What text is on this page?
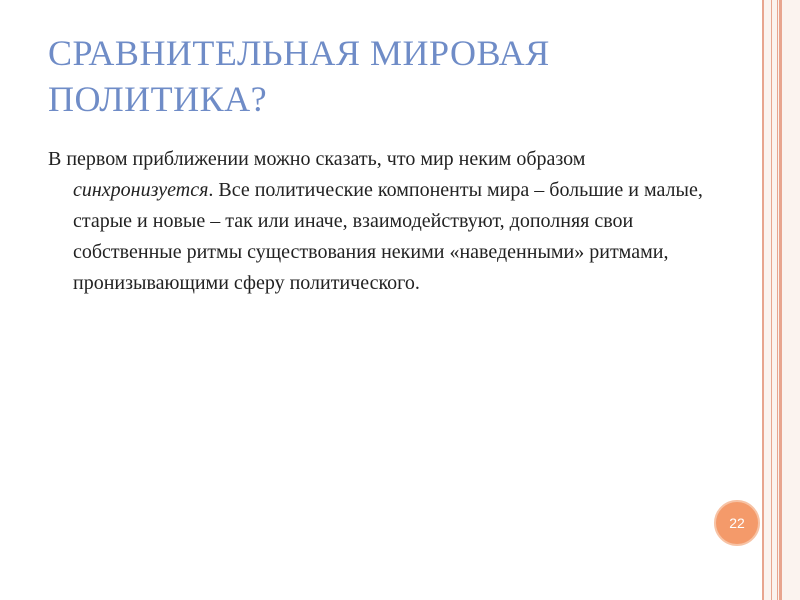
СРАВНИТЕЛЬНАЯ МИРОВАЯ ПОЛИТИКА?

В первом приближении можно сказать, что мир неким образом синхронизуется. Все политические компоненты мира – большие и малые, старые и новые – так или иначе, взаимодействуют, дополняя свои собственные ритмы существования некими «наведенными» ритмами, пронизывающими сферу политического.

22
